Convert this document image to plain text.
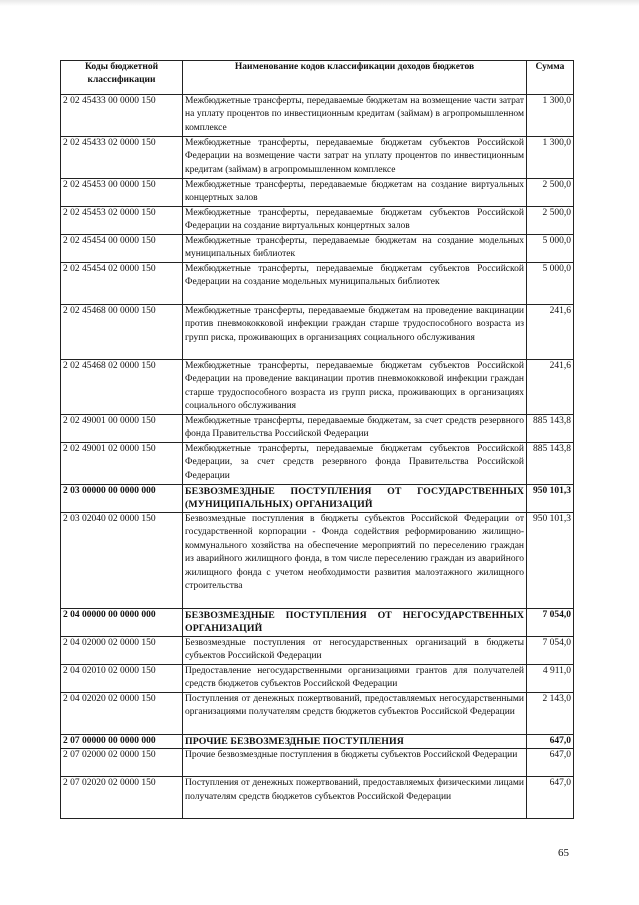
Коды бюджетной классификации	Наименование кодов классификации доходов бюджетов	Сумма
2 02 45433 00 0000 150	Межбюджетные трансферты, передаваемые бюджетам на возмещение части затрат на уплату процентов по инвестиционным кредитам (займам) в агропромышленном комплексе	1 300,0
2 02 45433 02 0000 150	Межбюджетные трансферты, передаваемые бюджетам субъектов Российской Федерации на возмещение части затрат на уплату процентов по инвестиционным кредитам (займам) в агропромышленном комплексе	1 300,0
2 02 45453 00 0000 150	Межбюджетные трансферты, передаваемые бюджетам на создание виртуальных концертных залов	2 500,0
2 02 45453 02 0000 150	Межбюджетные трансферты, передаваемые бюджетам субъектов Российской Федерации на создание виртуальных концертных залов	2 500,0
2 02 45454 00 0000 150	Межбюджетные трансферты, передаваемые бюджетам на создание модельных муниципальных библиотек	5 000,0
2 02 45454 02 0000 150	Межбюджетные трансферты, передаваемые бюджетам субъектов Российской Федерации на создание модельных муниципальных библиотек	5 000,0
2 02 45468 00 0000 150	Межбюджетные трансферты, передаваемые бюджетам на проведение вакцинации против пневмококковой инфекции граждан старше трудоспособного возраста из групп риска, проживающих в организациях социального обслуживания	241,6
2 02 45468 02 0000 150	Межбюджетные трансферты, передаваемые бюджетам субъектов Российской Федерации на проведение вакцинации против пневмококковой инфекции граждан старше трудоспособного возраста из групп риска, проживающих в организациях социального обслуживания	241,6
2 02 49001 00 0000 150	Межбюджетные трансферты, передаваемые бюджетам, за счет средств резервного фонда Правительства Российской Федерации	885 143,8
2 02 49001 02 0000 150	Межбюджетные трансферты, передаваемые бюджетам субъектов Российской Федерации, за счет средств резервного фонда Правительства Российской Федерации	885 143,8
2 03 00000 00 0000 000	БЕЗВОЗМЕЗДНЫЕ ПОСТУПЛЕНИЯ ОТ ГОСУДАРСТВЕННЫХ (МУНИЦИПАЛЬНЫХ) ОРГАНИЗАЦИЙ	950 101,3
2 03 02040 02 0000 150	Безвозмездные поступления в бюджеты субъектов Российской Федерации от государственной корпорации - Фонда содействия реформированию жилищно-коммунального хозяйства на обеспечение мероприятий по переселению граждан из аварийного жилищного фонда, в том числе переселению граждан из аварийного жилищного фонда с учетом необходимости развития малоэтажного жилищного строительства	950 101,3
2 04 00000 00 0000 000	БЕЗВОЗМЕЗДНЫЕ ПОСТУПЛЕНИЯ ОТ НЕГОСУДАРСТВЕННЫХ ОРГАНИЗАЦИЙ	7 054,0
2 04 02000 02 0000 150	Безвозмездные поступления от негосударственных организаций в бюджеты субъектов Российской Федерации	7 054,0
2 04 02010 02 0000 150	Предоставление негосударственными организациями грантов для получателей средств бюджетов субъектов Российской Федерации	4 911,0
2 04 02020 02 0000 150	Поступления от денежных пожертвований, предоставляемых негосударственными организациями получателям средств бюджетов субъектов Российской Федерации	2 143,0
2 07 00000 00 0000 000	ПРОЧИЕ БЕЗВОЗМЕЗДНЫЕ ПОСТУПЛЕНИЯ	647,0
2 07 02000 02 0000 150	Прочие безвозмездные поступления в бюджеты субъектов Российской Федерации	647,0
2 07 02020 02 0000 150	Поступления от денежных пожертвований, предоставляемых физическими лицами получателям средств бюджетов субъектов Российской Федерации	647,0
65
